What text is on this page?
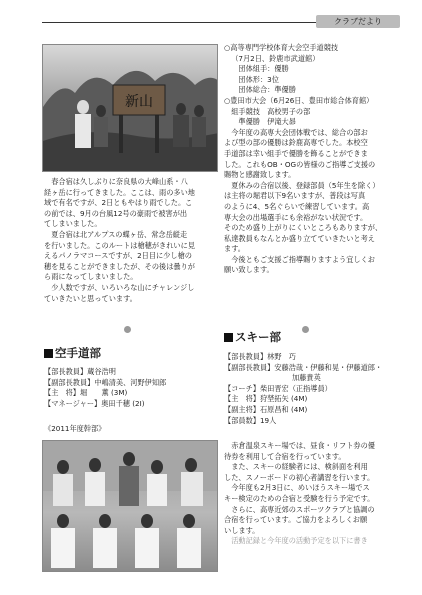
クラブだより
新山
春合宿は久しぶりに奈良県の大峰山系・八
経ヶ岳に行ってきました。ここは、雨の多い地
域で有名ですが、2日ともやはり雨でした。こ
の前では、9月の台風12号の豪雨で被害が出
てしまいました。
夏合宿は北アルプスの蝶ヶ岳、常念岳縦走
を行いました。このルートは槍穂がきれいに見
えるパノラマコースですが、2日目に少し槍の
穂を見ることができましたが、その後は曇りが
ら雨になってしまいました。
少人数ですが、いろいろな山にチャレンジし
ていきたいと思っています。
空手道部
【部長教員】蔵谷浩明
【副部長教員】中嶋清美、河野伊知郎
【主　将】堀　　薫 (3M)
【マネージャー】奥田千穂 (2I)
《2011年度幹部》
○高等専門学校体育大会空手道競技
（7月2日、鈴鹿市武道館）
団体組手：優勝
団体形：3位
団体総合：準優勝
○豊田市大会（6月26日、豊田市総合体育館）
組手競技　高校男子の部
準優勝　伊滝大昴
今年度の高専大会団体戦では、総合の部お
よび型の部の優勝は鈴鹿高専でした。本校空
手道部は幸い組手で優勝を飾ることができま
した。これもOB・OGの皆様のご指導ご支援の
賜物と感謝致します。
夏休みの合宿以後、登録部員（5年生を除く）
は主将の堀君以下9名いますが、普段は写真
のように4、5名ぐらいで練習しています。高
専大会の出場選手にも余裕がない状況です。
そのため盛り上がりにくいところもありますが、
私達教員もなんとか盛り立てていきたいと考え
ます。
今後ともご支援ご指導賜りますよう宜しくお
願い致します。
スキー部
【部長教員】林野　巧
【副部長教員】安藤浩哉・伊藤和晃・伊藤道郎・
加藤貴英
【コーチ】柴田晋宏（正指導員）
【主　将】狩埜拓矢 (4M)
【副主将】石原昌和 (4M)
【部員数】19人
赤倉温泉スキー場では、昼食・リフト券の優
待券を利用して合宿を行っています。
また、スキーの経験者には、検斜面を利用
した、スノーボードの初心者講習を行います。
今年度も2月3日に、めいほうスキー場でス
キー検定のための合宿と受験を行う予定です。
さらに、高専近郊のスポーツクラブと協調の
合宿を行っています。ご協力をよろしくお願
いします。
活動記録と今年度の活動予定を以下に書き
